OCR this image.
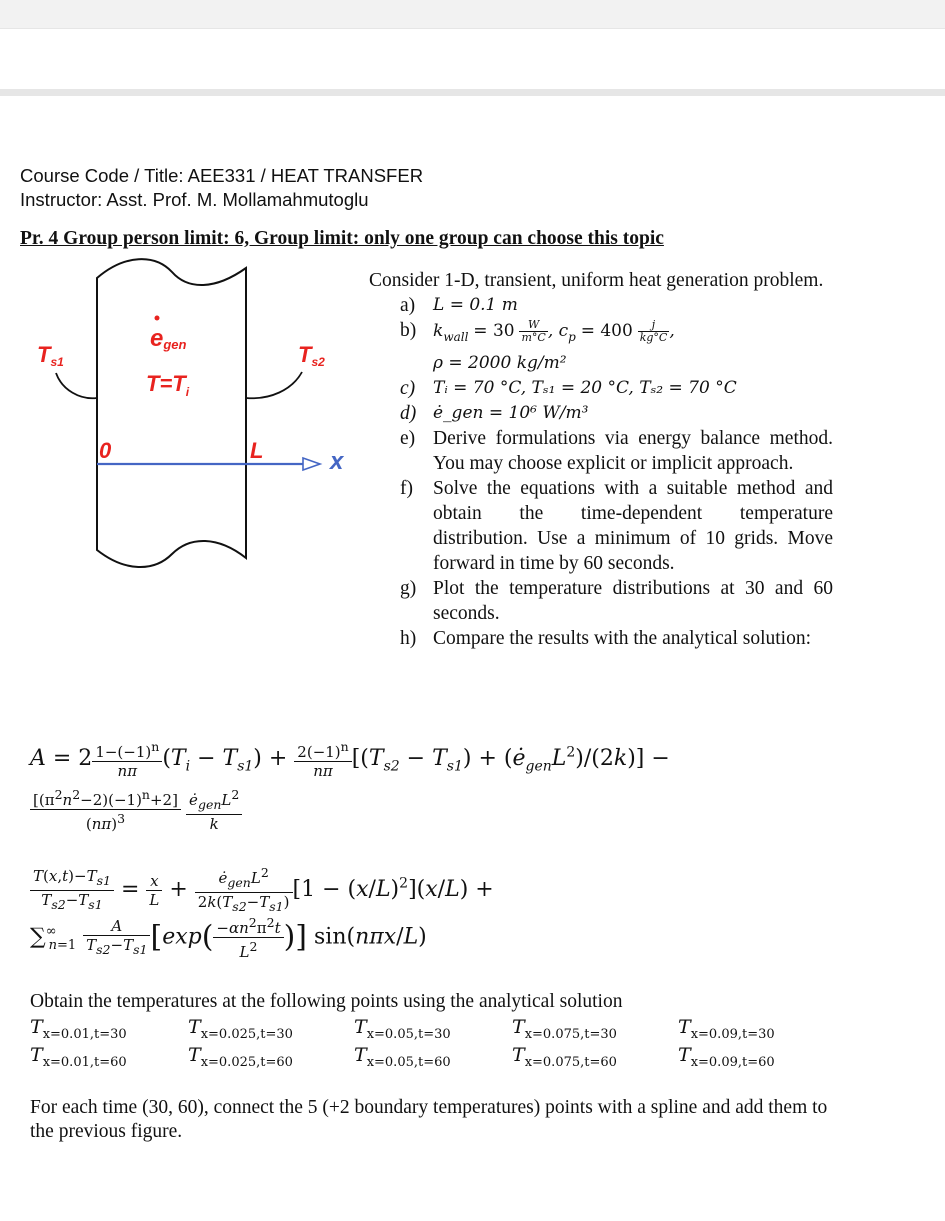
Course Code / Title: AEE331 / HEAT TRANSFER
Instructor: Asst. Prof. M. Mollamahmutoglu
Pr. 4 Group person limit: 6, Group limit: only one group can choose this topic
egen
$T=T_i$
Ts1	Ts2
0	L	x

Consider 1-D, transient, uniform heat generation problem.

a)	L = 0.1 m
b) $k_{wall} = 30 \frac{W}{m^\circ C}$ , $c_p = 400 \frac{j}{kg^\circ C}$ ,
ρ = 2000 kg/m²
c)	Tᵢ = 70 °C, Tₛ₁ = 20 °C, Tₛ₂ = 70 °C
d) ė_gen = 10⁶ W/m³
e) Derive formulations via energy balance method. You may choose explicit or implicit approach.
f)	Solve the equations with a suitable method and obtain the time-dependent temperature distribution. Use a minimum of 10 grids. Move forward in time by 60 seconds.
g) Plot the temperature distributions at 30 and 60 seconds.
h) Compare the results with the analytical solution:
$A = 2 \frac{1-(-1)^n}{n\pi} (T_i - T_{s1}) + \frac{2(-1)^n}{n\pi} [(T_{s2} - T_{s1})$ + $(ė_{gen}L^2)/(2k)$] −
$\frac{[(\pi^2n^2-2)(-1)^n+2]}{(n\pi)^3}$
$ė_{gen}L^2$
k
$\frac{T(x,t)-T_{s1}}{T_{s2}-T_{s1}} = \frac{x}{L}$ +	$ė_{gen}L^2$
$2k(T_{s2}-T_{s1}) [1 - (x/L)^2](x/L)$ +
$\sum^\infty_{n=1} \frac{A}{T_{s2}-T_{s1}} [\exp( \frac{-\alpha n^2\pi^2t}{L^2}$ )] sin(nπx/L)
Obtain the temperatures at the following points using the analytical solution
$T_{x=0.01,t=30}$	$T_{x=0.025,t=30}$	$T_{x=0.05,t=30}$	$T_{x=0.075,t=30}$	$T_{x=0.09,t=30}$
$T_{x=0.01,t=60}$	$T_{x=0.025,t=60}$	$T_{x=0.05,t=60}$	$T_{x=0.075,t=60}$	$T_{x=0.09,t=60}$
For each time (30, 60), connect the 5 (+2 boundary temperatures) points with a spline and add them to the previous figure.
